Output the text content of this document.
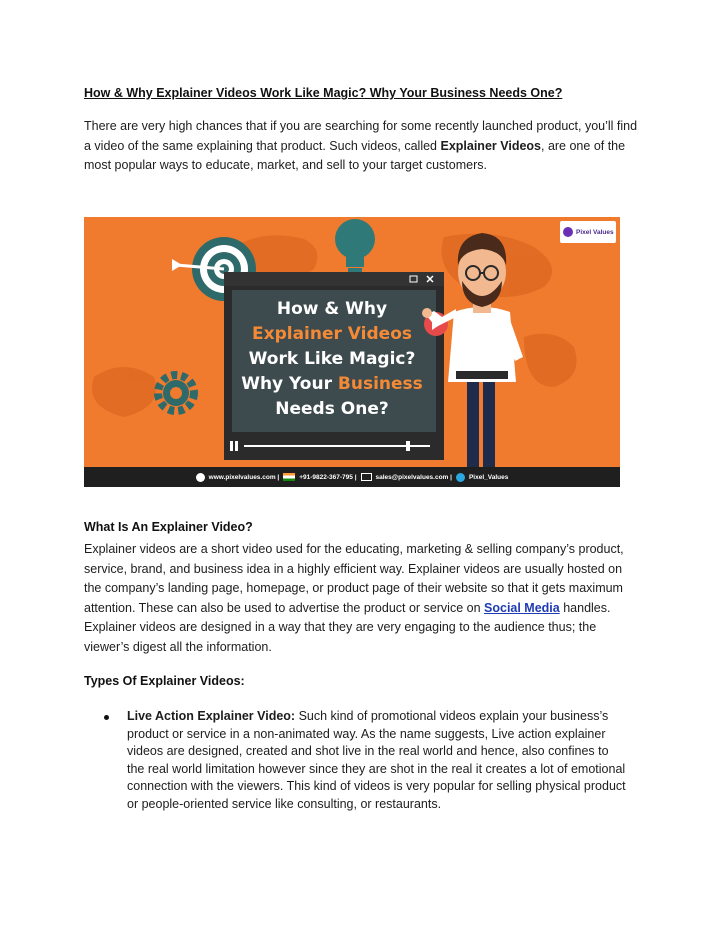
How & Why Explainer Videos Work Like Magic? Why Your Business Needs One?
There are very high chances that if you are searching for some recently launched product, you’ll find a video of the same explaining that product. Such videos, called Explainer Videos, are one of the most popular ways to educate, market, and sell to your target customers.
Pixel Values
How & Why
Explainer Videos
Work Like Magic?
Why Your Business
Needs One?
www.pixelvalues.com |	+91-9822-367-795 |	sales@pixelvalues.com |	Pixel_Values
What Is An Explainer Video?
Explainer videos are a short video used for the educating, marketing & selling company’s product, service, brand, and business idea in a highly efficient way. Explainer videos are usually hosted on the company’s landing page, homepage, or product page of their website so that it gets maximum attention. These can also be used to advertise the product or service on Social Media handles. Explainer videos are designed in a way that they are very engaging to the audience thus; the viewer’s digest all the information.
Types Of Explainer Videos:
Live Action Explainer Video: Such kind of promotional videos explain your business’s product or service in a non-animated way. As the name suggests, Live action explainer videos are designed, created and shot live in the real world and hence, also confines to the real world limitation however since they are shot in the real it creates a lot of emotional connection with the viewers. This kind of videos is very popular for selling physical product or people-oriented service like consulting, or restaurants.
